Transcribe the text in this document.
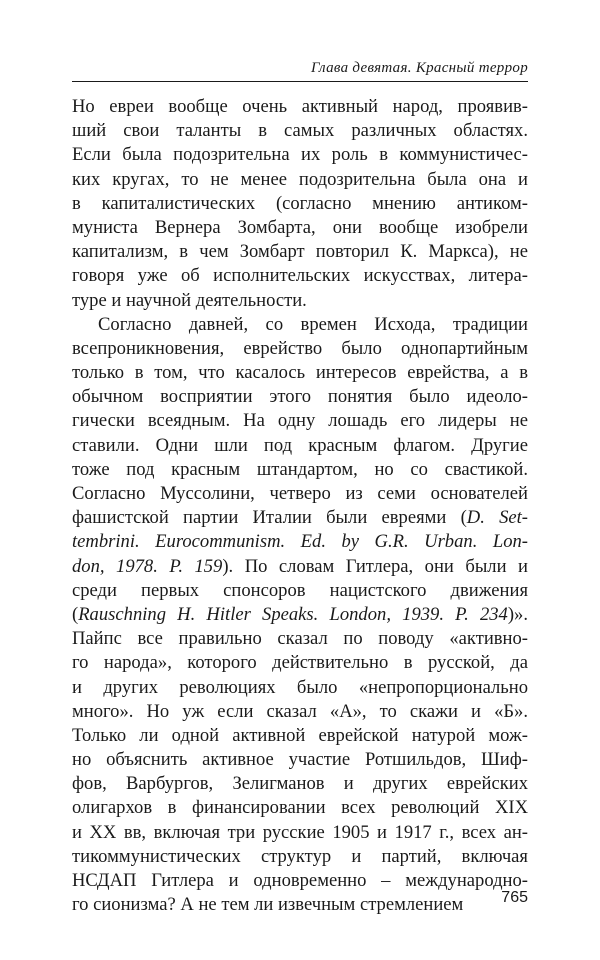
Глава девятая. Красный террор
Но евреи вообще очень активный народ, проявив-
ший свои таланты в самых различных областях.
Если была подозрительна их роль в коммунистичес-
ких кругах, то не менее подозрительна была она и
в капиталистических (согласно мнению антиком-
муниста Вернера Зомбарта, они вообще изобрели
капитализм, в чем Зомбарт повторил К. Маркса), не
говоря уже об исполнительских искусствах, литера-
туре и научной деятельности.
Согласно давней, со времен Исхода, традиции
всепроникновения, еврейство было однопартийным
только в том, что касалось интересов еврейства, а в
обычном восприятии этого понятия было идеоло-
гически всеядным. На одну лошадь его лидеры не
ставили. Одни шли под красным флагом. Другие
тоже под красным штандартом, но со свастикой.
Согласно Муссолини, четверо из семи основателей
фашистской партии Италии были евреями (D. Set-
tembrini. Eurocommunism. Ed. by G.R. Urban. Lon-
don, 1978. P. 159). По словам Гитлера, они были и
среди первых спонсоров нацистского движения
(Rauschning H. Hitler Speaks. London, 1939. P. 234)».
Пайпс все правильно сказал по поводу «активно-
го народа», которого действительно в русской, да
и других революциях было «непропорционально
много». Но уж если сказал «А», то скажи и «Б».
Только ли одной активной еврейской натурой мож-
но объяснить активное участие Ротшильдов, Шиф-
фов, Варбургов, Зелигманов и других еврейских
олигархов в финансировании всех революций XIX
и XX вв, включая три русские 1905 и 1917 г., всех ан-
тикоммунистических структур и партий, включая
НСДАП Гитлера и одновременно – международно-
го сионизма? А не тем ли извечным стремлением	765
